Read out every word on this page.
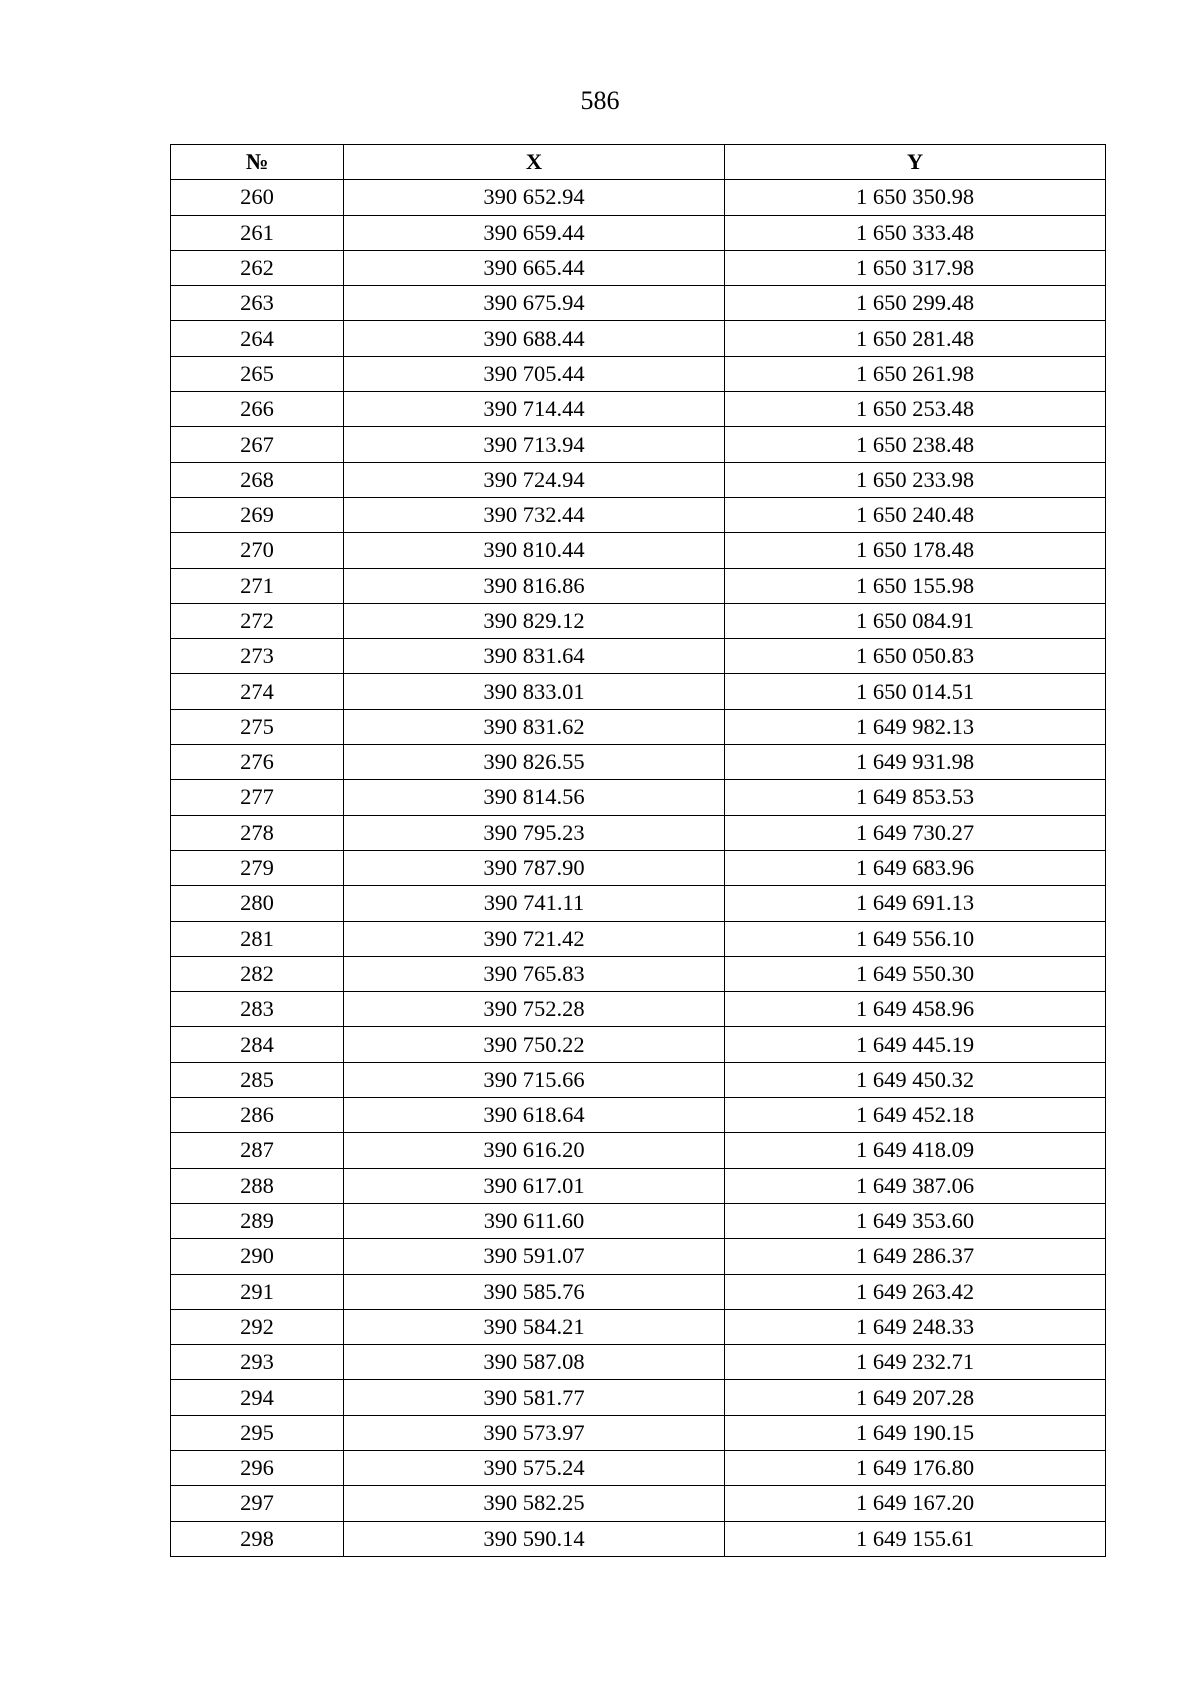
586
№	X	Y
260	390 652.94	1 650 350.98
261	390 659.44	1 650 333.48
262	390 665.44	1 650 317.98
263	390 675.94	1 650 299.48
264	390 688.44	1 650 281.48
265	390 705.44	1 650 261.98
266	390 714.44	1 650 253.48
267	390 713.94	1 650 238.48
268	390 724.94	1 650 233.98
269	390 732.44	1 650 240.48
270	390 810.44	1 650 178.48
271	390 816.86	1 650 155.98
272	390 829.12	1 650 084.91
273	390 831.64	1 650 050.83
274	390 833.01	1 650 014.51
275	390 831.62	1 649 982.13
276	390 826.55	1 649 931.98
277	390 814.56	1 649 853.53
278	390 795.23	1 649 730.27
279	390 787.90	1 649 683.96
280	390 741.11	1 649 691.13
281	390 721.42	1 649 556.10
282	390 765.83	1 649 550.30
283	390 752.28	1 649 458.96
284	390 750.22	1 649 445.19
285	390 715.66	1 649 450.32
286	390 618.64	1 649 452.18
287	390 616.20	1 649 418.09
288	390 617.01	1 649 387.06
289	390 611.60	1 649 353.60
290	390 591.07	1 649 286.37
291	390 585.76	1 649 263.42
292	390 584.21	1 649 248.33
293	390 587.08	1 649 232.71
294	390 581.77	1 649 207.28
295	390 573.97	1 649 190.15
296	390 575.24	1 649 176.80
297	390 582.25	1 649 167.20
298	390 590.14	1 649 155.61
